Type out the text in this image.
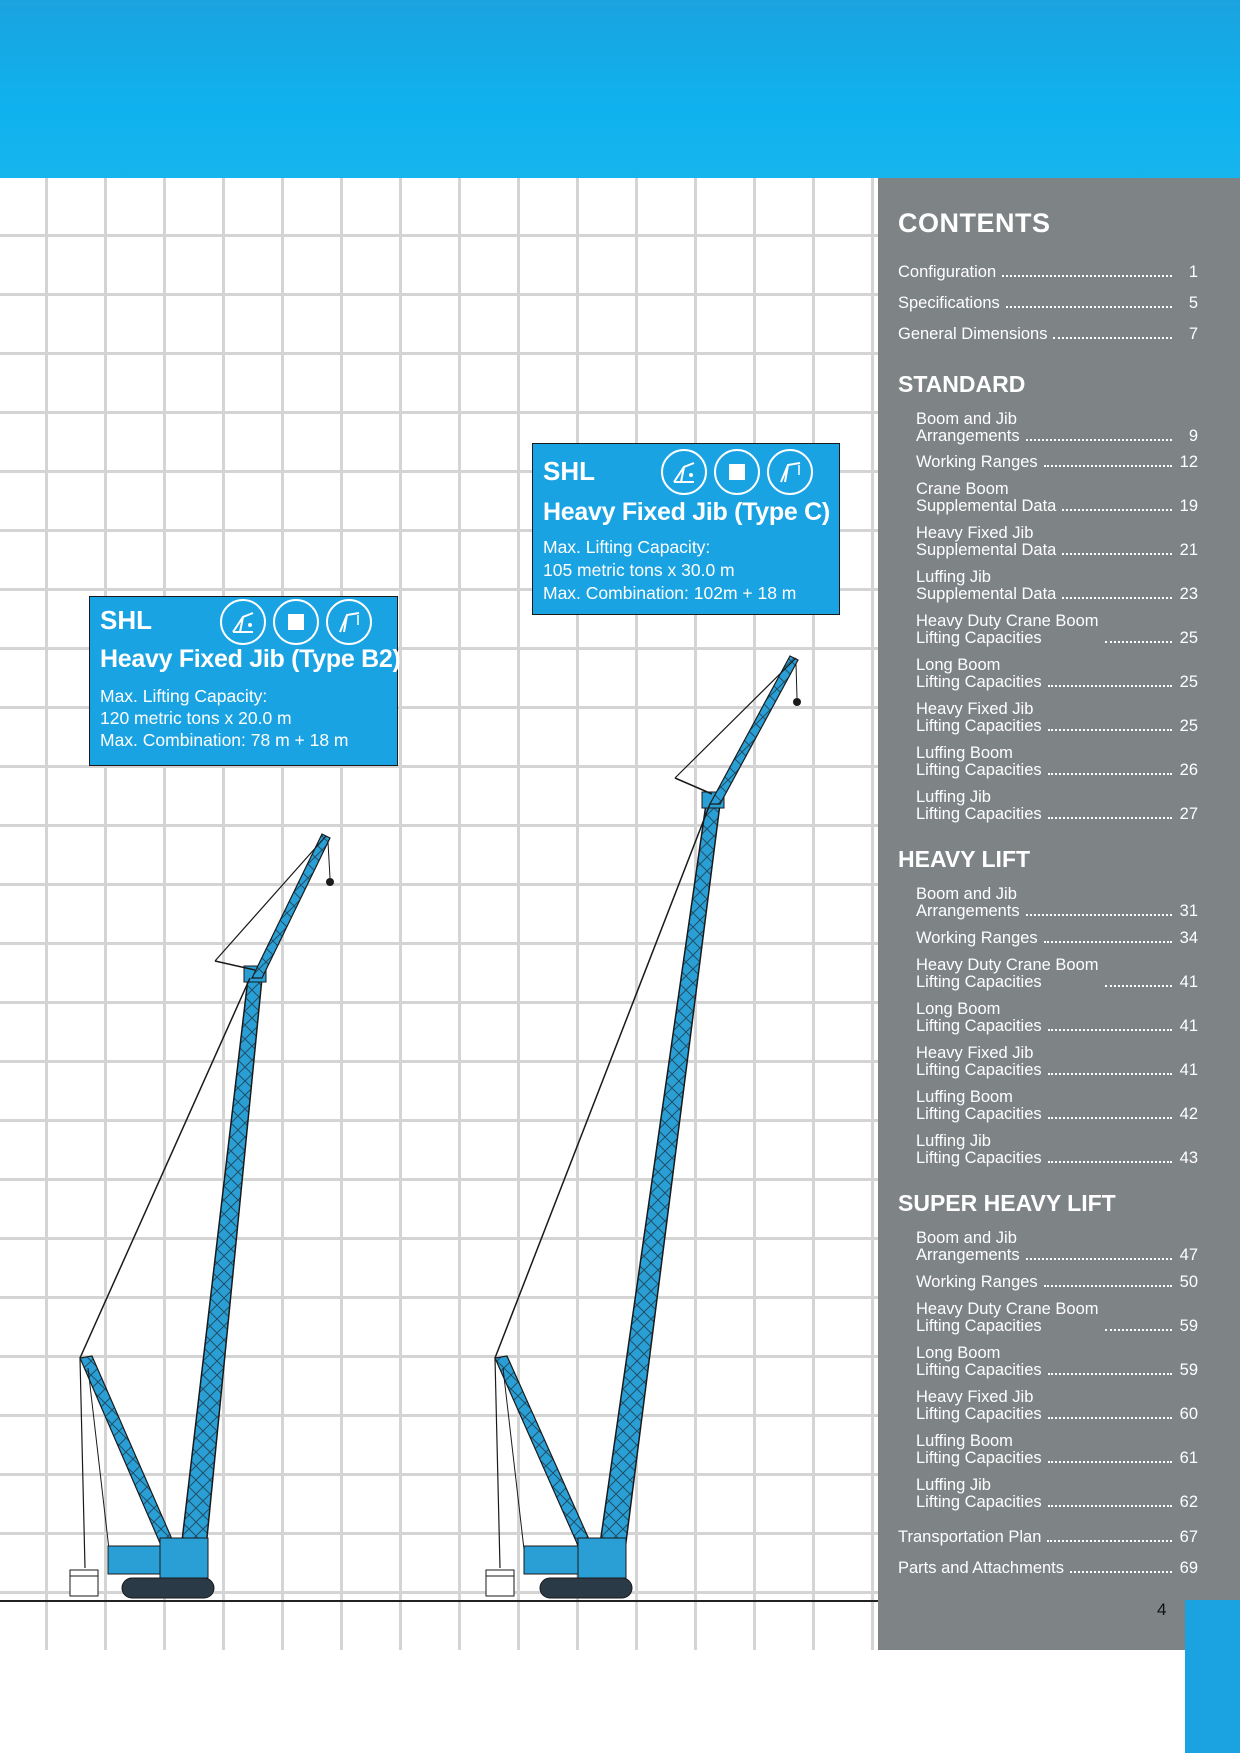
SHL
Heavy Fixed Jib (Type B2)
Max. Lifting Capacity:
120 metric tons x 20.0 m
Max. Combination: 78 m + 18 m
SHL
Heavy Fixed Jib (Type C)
Max. Lifting Capacity:
105 metric tons x 30.0 m
Max. Combination: 102m + 18 m
CONTENTS
Configuration	1
Specifications	5
General Dimensions	7
STANDARD
Boom and Jib
Arrangements	9
Working Ranges	12
Crane Boom
Supplemental Data	19
Heavy Fixed Jib
Supplemental Data	21
Luffing Jib
Supplemental Data	23
Heavy Duty Crane Boom
Lifting Capacities	25
Long Boom
Lifting Capacities	25
Heavy Fixed Jib
Lifting Capacities	25
Luffing Boom
Lifting Capacities	26
Luffing Jib
Lifting Capacities	27
HEAVY LIFT
Boom and Jib
Arrangements	31
Working Ranges	34
Heavy Duty Crane Boom
Lifting Capacities	41
Long Boom
Lifting Capacities	41
Heavy Fixed Jib
Lifting Capacities	41
Luffing Boom
Lifting Capacities	42
Luffing Jib
Lifting Capacities	43
SUPER HEAVY LIFT
Boom and Jib
Arrangements	47
Working Ranges	50
Heavy Duty Crane Boom
Lifting Capacities	59
Long Boom
Lifting Capacities	59
Heavy Fixed Jib
Lifting Capacities	60
Luffing Boom
Lifting Capacities	61
Luffing Jib
Lifting Capacities	62
Transportation Plan	67
Parts and Attachments	69
4
